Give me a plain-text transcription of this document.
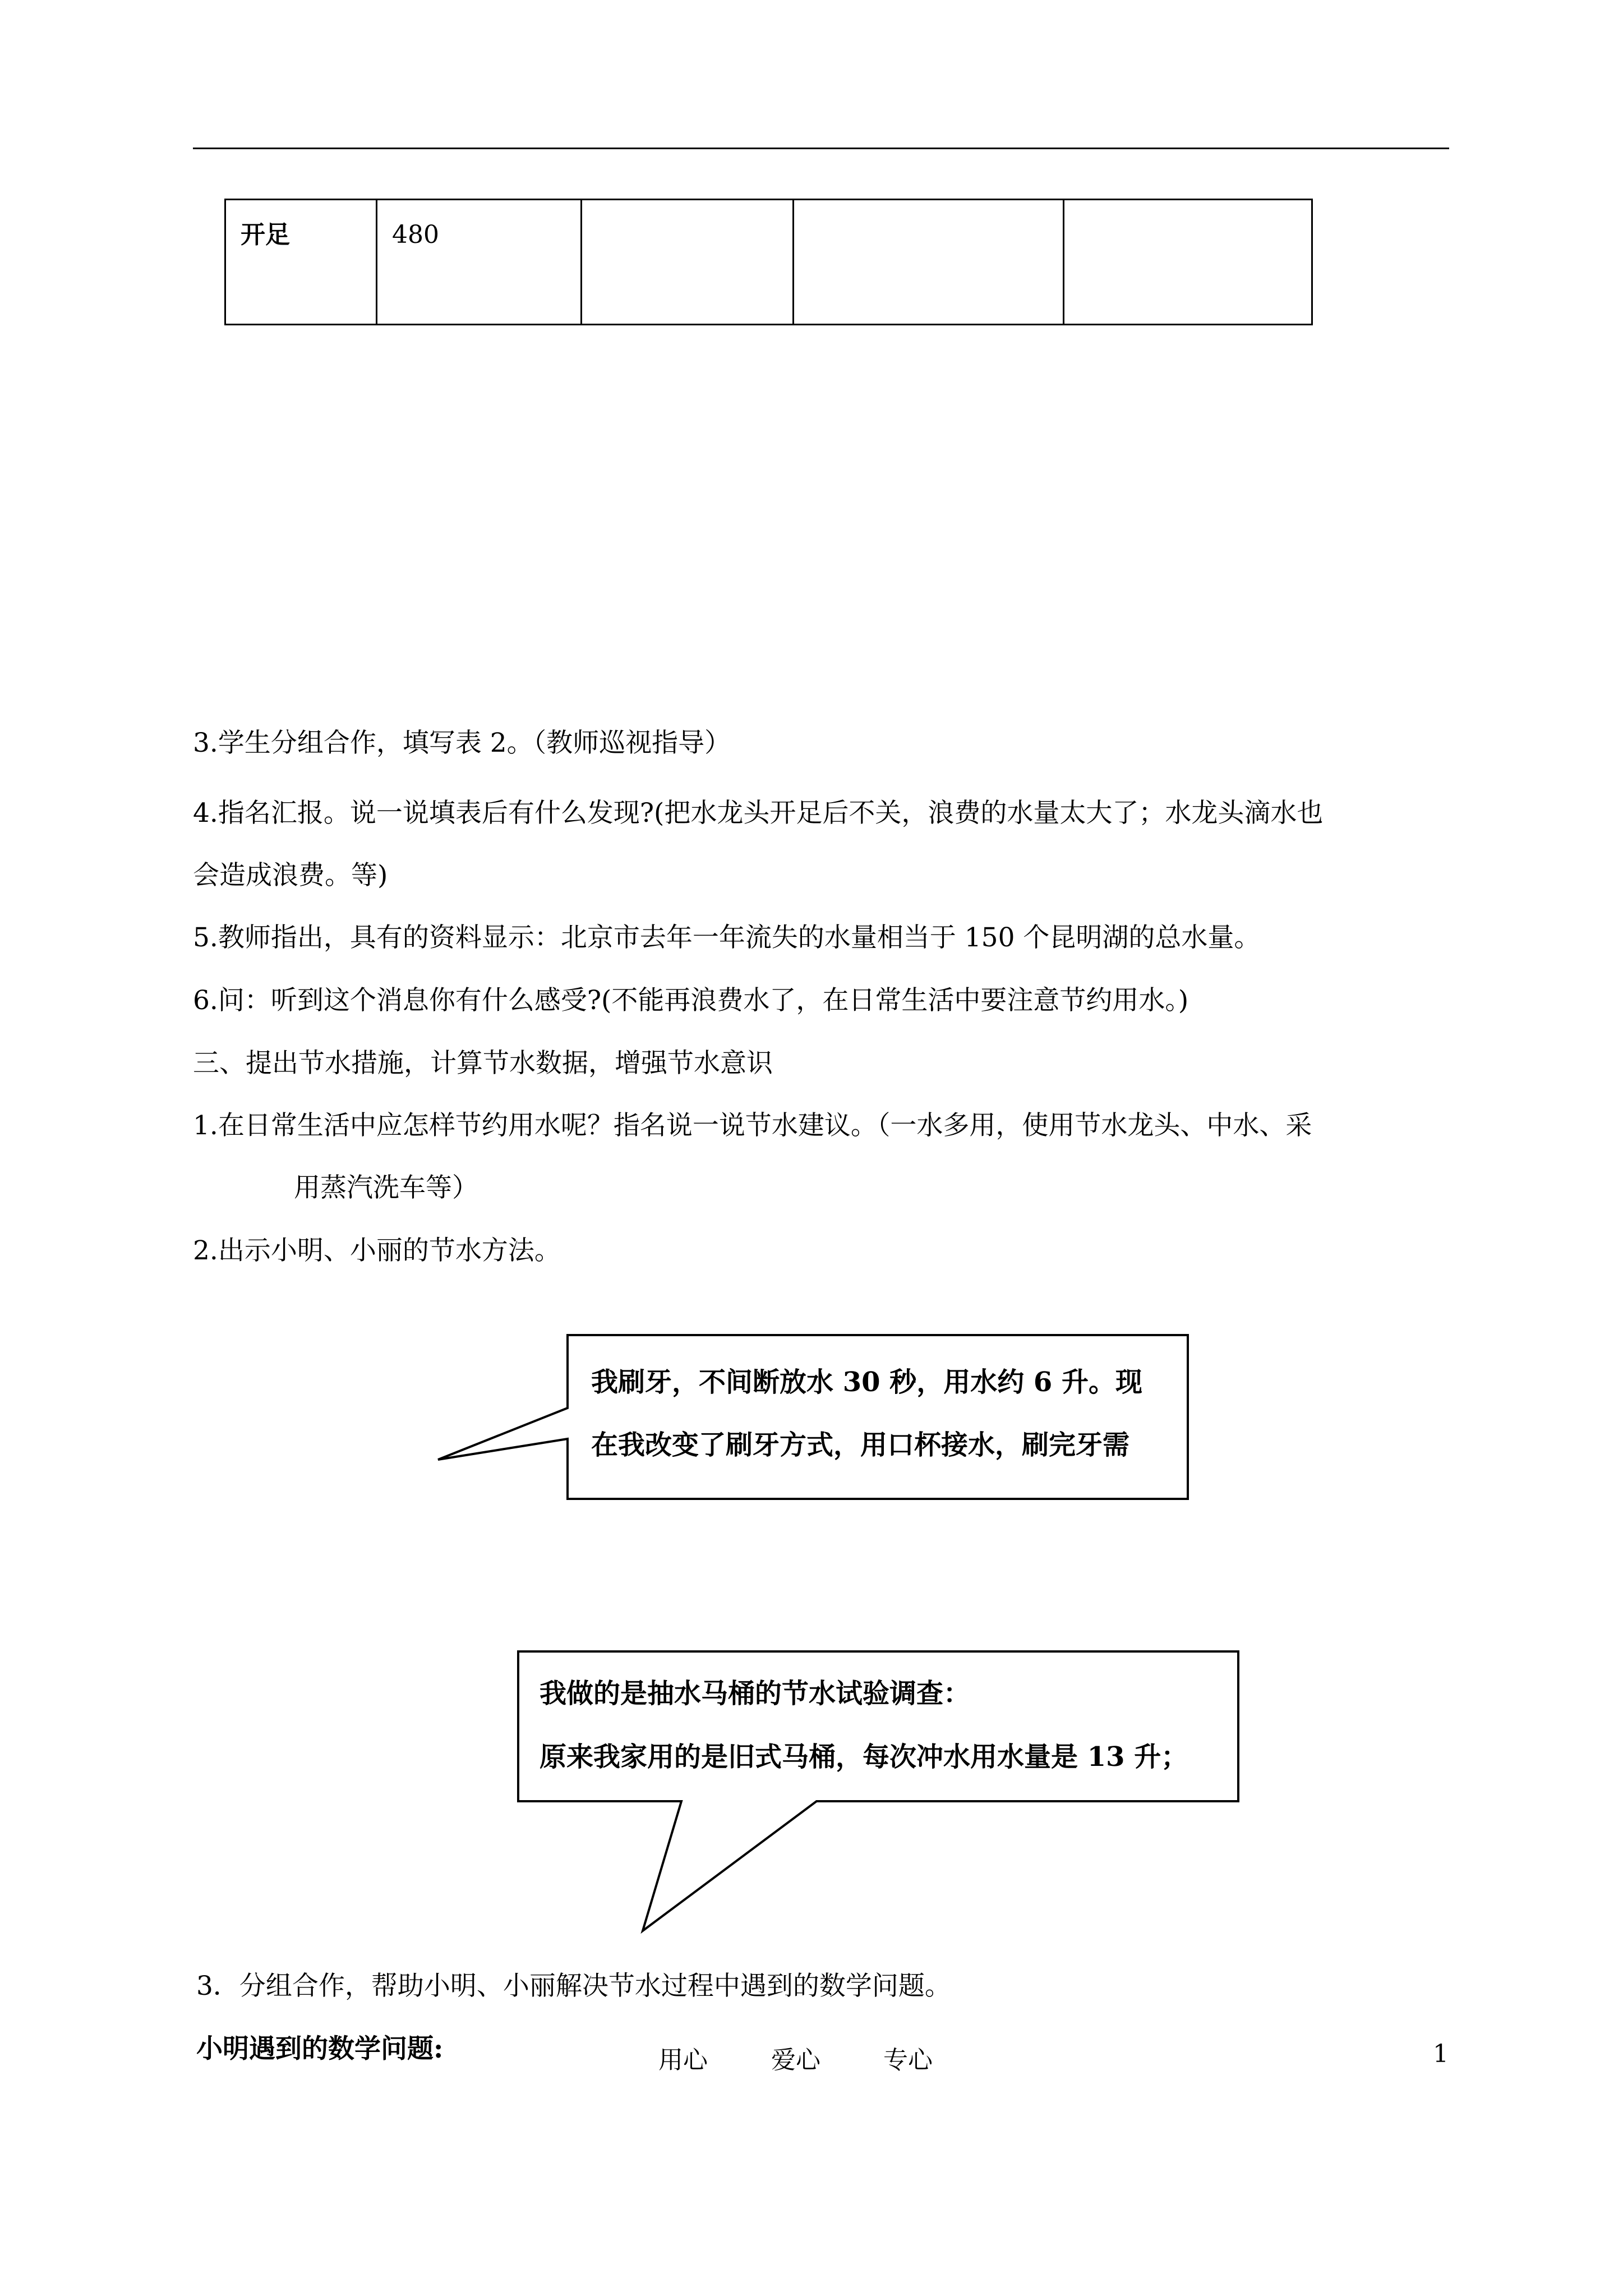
开足	480			
3.学生分组合作，填写表 2。（教师巡视指导）
4.指名汇报。说一说填表后有什么发现?(把水龙头开足后不关，浪费的水量太大了；水龙头滴水也
会造成浪费。等)
5.教师指出，具有的资料显示：北京市去年一年流失的水量相当于 150 个昆明湖的总水量。
6.问：听到这个消息你有什么感受?(不能再浪费水了，在日常生活中要注意节约用水。)
三、提出节水措施，计算节水数据，增强节水意识
1.在日常生活中应怎样节约用水呢？指名说一说节水建议。（一水多用，使用节水龙头、中水、采
用蒸汽洗车等）
2.出示小明、小丽的节水方法。
我刷牙，不间断放水 30 秒，用水约 6 升。现
在我改变了刷牙方式，用口杯接水，刷完牙需
我做的是抽水马桶的节水试验调查：
原来我家用的是旧式马桶，每次冲水用水量是 13 升；
3．分组合作，帮助小明、小丽解决节水过程中遇到的数学问题。
小明遇到的数学问题:	用心	爱心	专心	1
